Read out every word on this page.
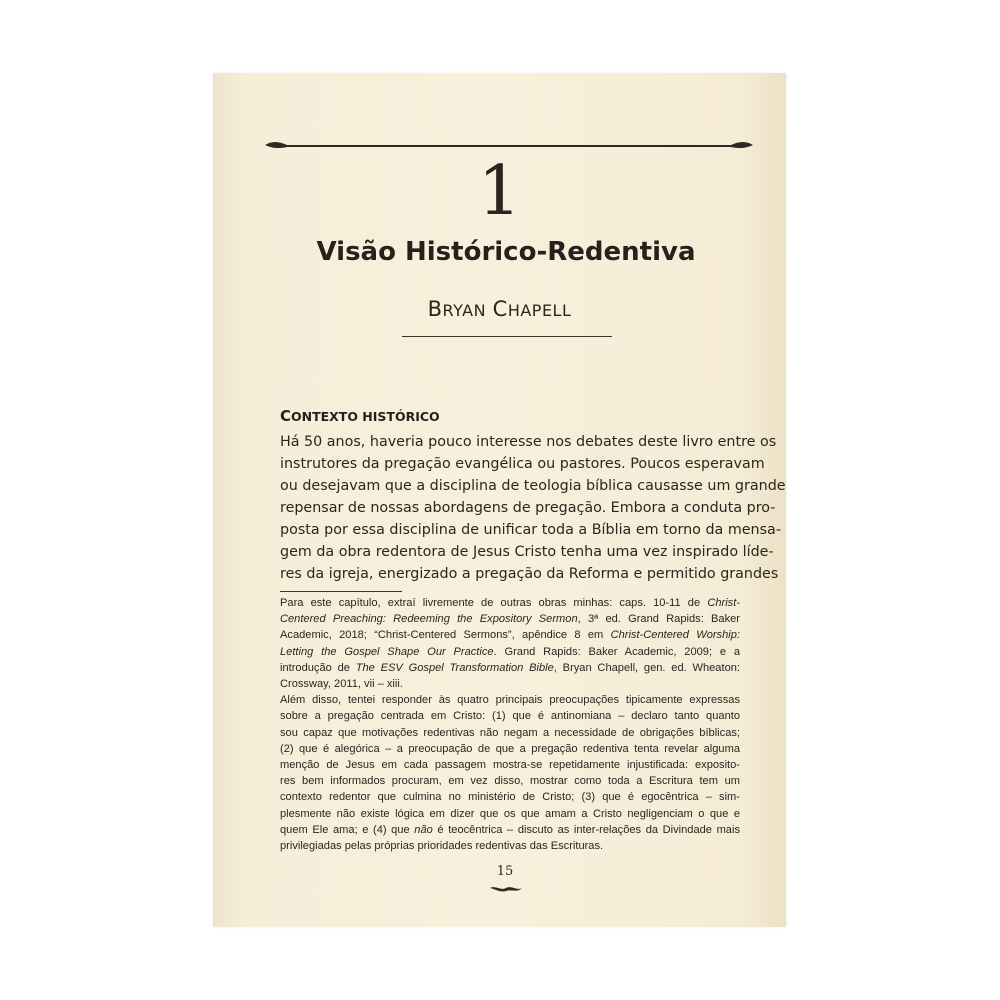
1
Visão Histórico-Redentiva
BRYAN CHAPELL
CONTEXTO HISTÓRICO
Há 50 anos, haveria pouco interesse nos debates deste livro entre os
instrutores da pregação evangélica ou pastores. Poucos esperavam
ou desejavam que a disciplina de teologia bíblica causasse um grande
repensar de nossas abordagens de pregação. Embora a conduta pro-
posta por essa disciplina de unificar toda a Bíblia em torno da mensa-
gem da obra redentora de Jesus Cristo tenha uma vez inspirado líde-
res da igreja, energizado a pregação da Reforma e permitido grandes
Para este capítulo, extraí livremente de outras obras minhas: caps. 10-11 de Christ-
Centered Preaching: Redeeming the Expository Sermon, 3ª ed. Grand Rapids: Baker
Academic, 2018; “Christ-Centered Sermons”, apêndice 8 em Christ-Centered Worship:
Letting the Gospel Shape Our Practice. Grand Rapids: Baker Academic, 2009; e a
introdução de The ESV Gospel Transformation Bible, Bryan Chapell, gen. ed. Wheaton:
Crossway, 2011, vii – xiii.
Além disso, tentei responder às quatro principais preocupações tipicamente expressas
sobre a pregação centrada em Cristo: (1) que é antinomiana – declaro tanto quanto
sou capaz que motivações redentivas não negam a necessidade de obrigações bíblicas;
(2) que é alegórica – a preocupação de que a pregação redentiva tenta revelar alguma
menção de Jesus em cada passagem mostra-se repetidamente injustificada: exposito-
res bem informados procuram, em vez disso, mostrar como toda a Escritura tem um
contexto redentor que culmina no ministério de Cristo; (3) que é egocêntrica – sim-
plesmente não existe lógica em dizer que os que amam a Cristo negligenciam o que e
quem Ele ama; e (4) que não é teocêntrica – discuto as inter-relações da Divindade mais
privilegiadas pelas próprias prioridades redentivas das Escrituras.
15
